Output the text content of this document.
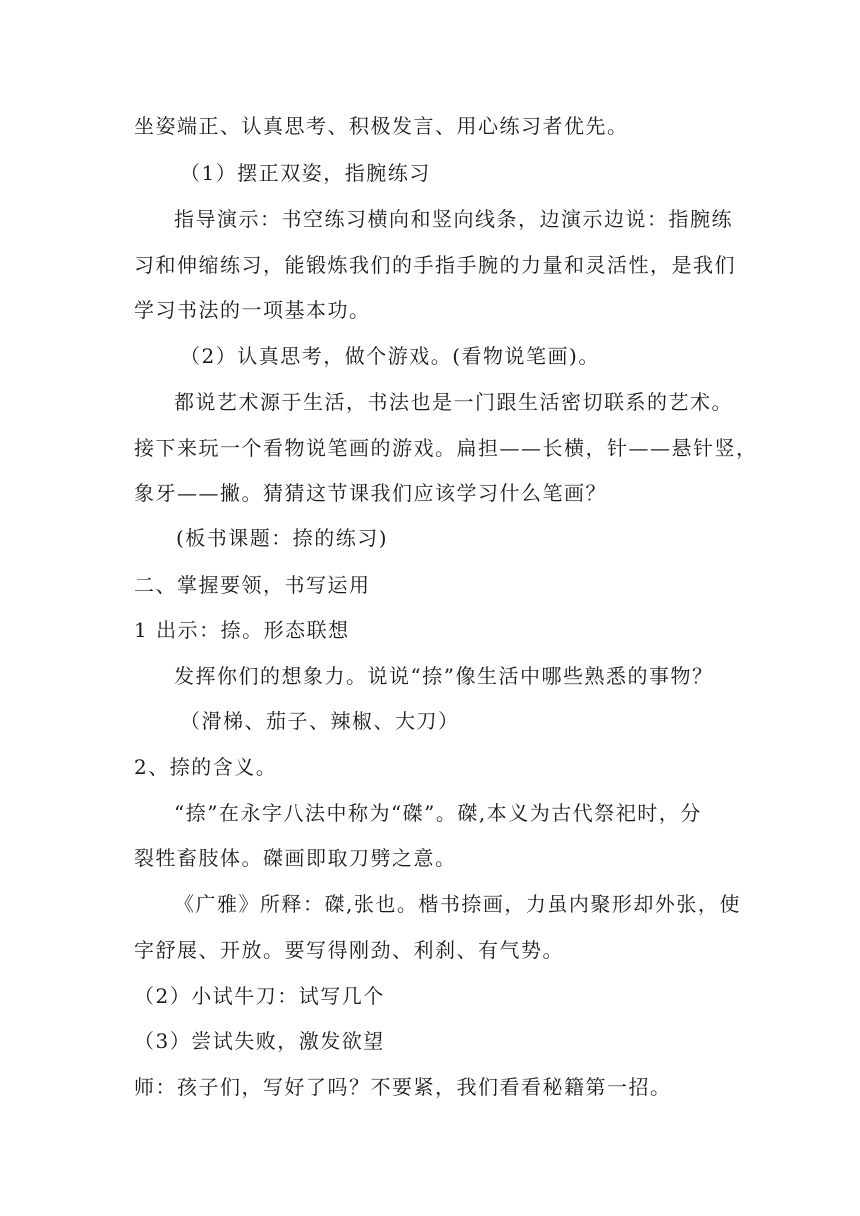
坐姿端正、认真思考、积极发言、用心练习者优先。
（1）摆正双姿，指腕练习
指导演示：书空练习横向和竖向线条，边演示边说：指腕练
习和伸缩练习，能锻炼我们的手指手腕的力量和灵活性，是我们
学习书法的一项基本功。
（2）认真思考，做个游戏。(看物说笔画)。
都说艺术源于生活，书法也是一门跟生活密切联系的艺术。
接下来玩一个看物说笔画的游戏。扁担——长横，针——悬针竖，
象牙——撇。猜猜这节课我们应该学习什么笔画？
(板书课题：捺的练习)
二、掌握要领，书写运用
1 出示：捺。形态联想
发挥你们的想象力。说说“捺”像生活中哪些熟悉的事物？
（滑梯、茄子、辣椒、大刀）
2、捺的含义。
“捺”在永字八法中称为“磔”。磔,本义为古代祭祀时，分
裂牲畜肢体。磔画即取刀劈之意。
《广雅》所释：磔,张也。楷书捺画，力虽内聚形却外张，使
字舒展、开放。要写得刚劲、利刹、有气势。
（2）小试牛刀：试写几个
（3）尝试失败，激发欲望
师：孩子们，写好了吗？不要紧，我们看看秘籍第一招。
